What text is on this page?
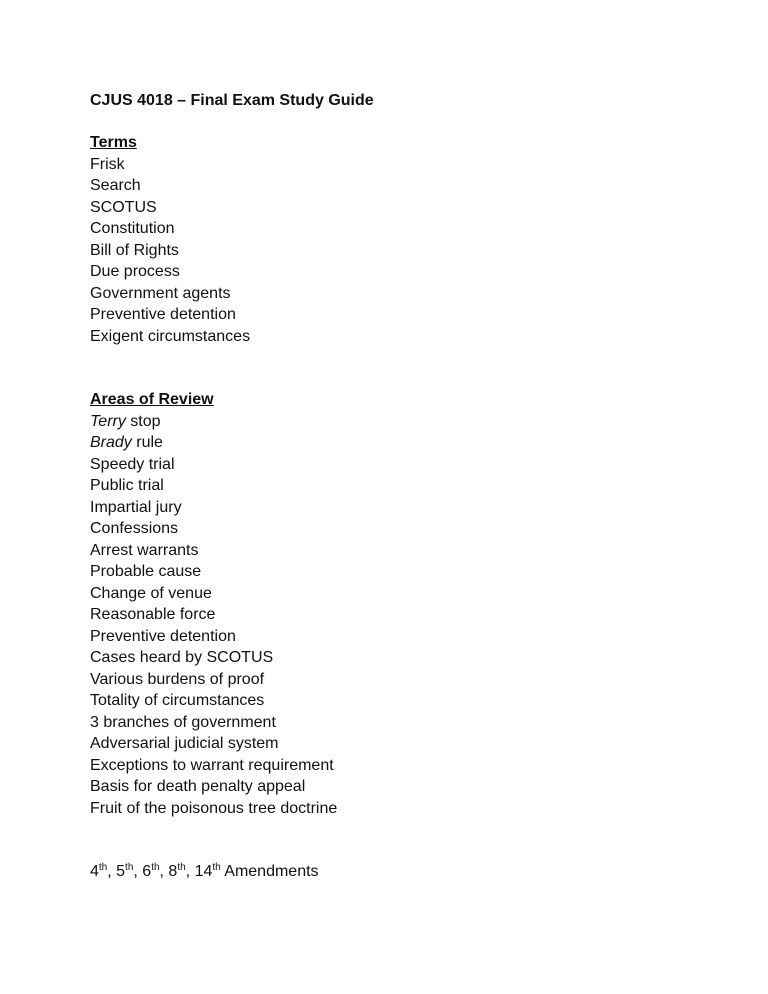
CJUS 4018 – Final Exam Study Guide

Terms

Frisk

Search

SCOTUS

Constitution

Bill of Rights

Due process

Government agents

Preventive detention

Exigent circumstances

Areas of Review

Terry stop

Brady rule

Speedy trial

Public trial

Impartial jury

Confessions

Arrest warrants

Probable cause

Change of venue

Reasonable force

Preventive detention

Cases heard by SCOTUS

Various burdens of proof

Totality of circumstances

3 branches of government

Adversarial judicial system

Exceptions to warrant requirement

Basis for death penalty appeal

Fruit of the poisonous tree doctrine

4th, 5th, 6th, 8th, 14th Amendments
